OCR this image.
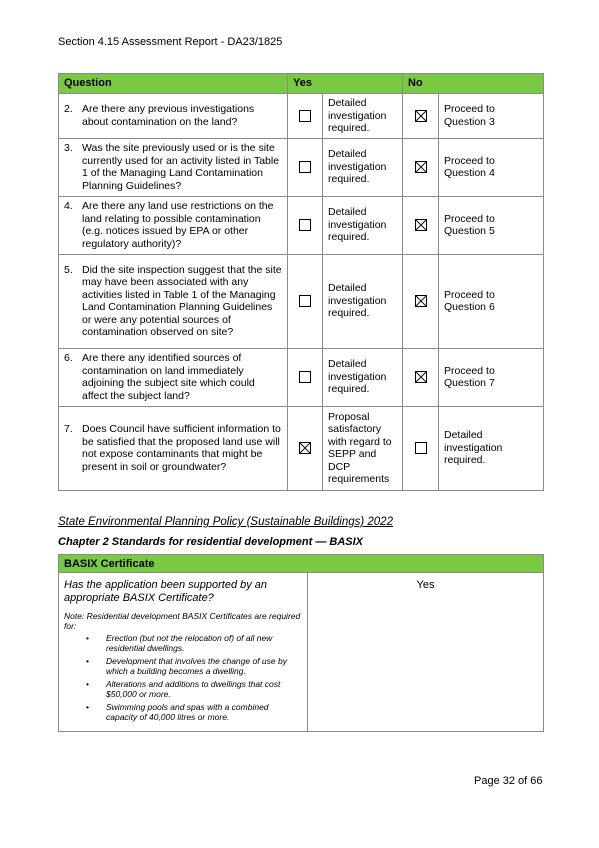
Section 4.15 Assessment Report - DA23/1825
Question	Yes		No	

2. Are there any previous investigations about contamination on the land?		Detailed investigation required.		Proceed to Question 3

3. Was the site previously used or is the site currently used for an activity listed in Table 1 of the Managing Land Contamination Planning Guidelines?		Detailed investigation required.		Proceed to Question 4

4. Are there any land use restrictions on the land relating to possible contamination (e.g. notices issued by EPA or other regulatory authority)?		Detailed investigation required.		Proceed to Question 5

5. Did the site inspection suggest that the site may have been associated with any activities listed in Table 1 of the Managing Land Contamination Planning Guidelines or were any potential sources of contamination observed on site?		Detailed investigation required.		Proceed to Question 6

6. Are there any identified sources of contamination on land immediately adjoining the subject site which could affect the subject land?		Detailed investigation required.		Proceed to Question 7

7. Does Council have sufficient information to be satisfied that the proposed land use will not expose contaminants that might be present in soil or groundwater?		Proposal satisfactory with regard to SEPP and DCP requirements		Detailed investigation required.
State Environmental Planning Policy (Sustainable Buildings) 2022
Chapter 2 Standards for residential development — BASIX
BASIX Certificate

Has the application been supported by an appropriate BASIX Certificate?
Note: Residential development BASIX Certificates are required for:
• Erection (but not the relocation of) of all new residential dwellings.
• Development that involves the change of use by which a building becomes a dwelling.
• Alterations and additions to dwellings that cost $50,000 or more.
• Swimming pools and spas with a combined capacity of 40,000 litres or more.
	Yes
Page 32 of 66
